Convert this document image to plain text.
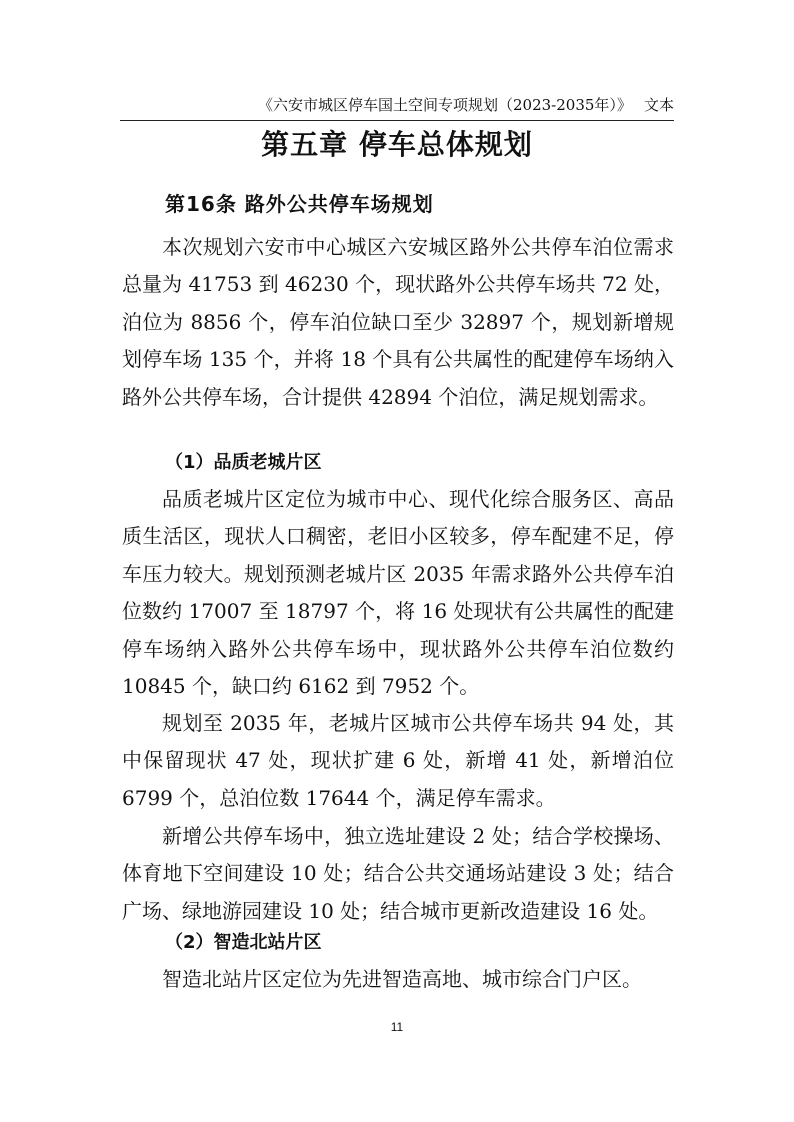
《六安市城区停车国土空间专项规划（2023-2035年）》 文本
第五章 停车总体规划
第16条 路外公共停车场规划

本次规划六安市中心城区六安城区路外公共停车泊位需求总量为 41753 到 46230 个，现状路外公共停车场共 72 处，泊位为 8856 个，停车泊位缺口至少 32897 个，规划新增规划停车场 135 个，并将 18 个具有公共属性的配建停车场纳入路外公共停车场，合计提供 42894 个泊位，满足规划需求。

（1）品质老城片区

品质老城片区定位为城市中心、现代化综合服务区、高品质生活区，现状人口稠密，老旧小区较多，停车配建不足，停车压力较大。规划预测老城片区 2035 年需求路外公共停车泊位数约 17007 至 18797 个，将 16 处现状有公共属性的配建停车场纳入路外公共停车场中，现状路外公共停车泊位数约 10845 个，缺口约 6162 到 7952 个。

规划至 2035 年，老城片区城市公共停车场共 94 处，其中保留现状 47 处，现状扩建 6 处，新增 41 处，新增泊位 6799 个，总泊位数 17644 个，满足停车需求。

新增公共停车场中，独立选址建设 2 处；结合学校操场、体育地下空间建设 10 处；结合公共交通场站建设 3 处；结合广场、绿地游园建设 10 处；结合城市更新改造建设 16 处。

（2）智造北站片区

智造北站片区定位为先进智造高地、城市综合门户区。

11
